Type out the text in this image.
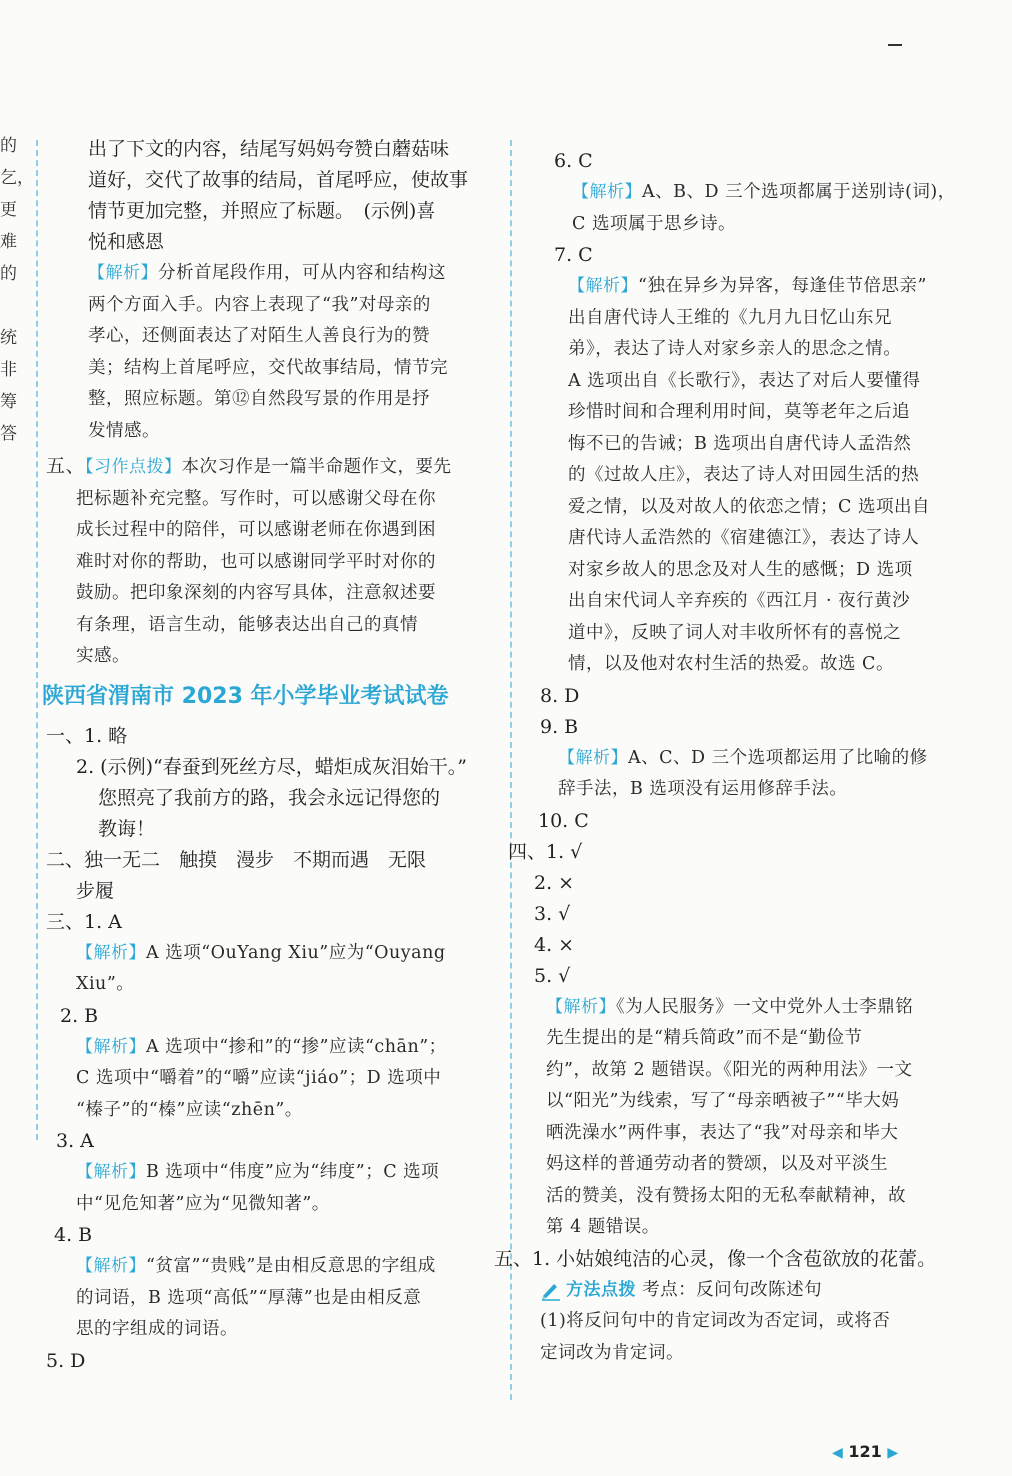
的
乞，
更
难
的

统
非
筹
答

出了下文的内容，结尾写妈妈夸赞白蘑菇味

道好，交代了故事的结局，首尾呼应，使故事

情节更加完整，并照应了标题。　(示例)喜

悦和感恩

【解析】分析首尾段作用，可从内容和结构这
两个方面入手。内容上表现了“我”对母亲的
孝心，还侧面表达了对陌生人善良行为的赞
美；结构上首尾呼应，交代故事结局，情节完
整，照应标题。第⑫自然段写景的作用是抒
发情感。
五、【习作点拨】本次习作是一篇半命题作文，要先
把标题补充完整。写作时，可以感谢父母在你
成长过程中的陪伴，可以感谢老师在你遇到困
难时对你的帮助，也可以感谢同学平时对你的
鼓励。把印象深刻的内容写具体，注意叙述要
有条理，语言生动，能够表达出自己的真情
实感。
陕西省渭南市 2023 年小学毕业考试试卷

一、1. 略

2. (示例)“春蚕到死丝方尽，蜡炬成灰泪始干。”

您照亮了我前方的路，我会永远记得您的

教诲！

二、独一无二　触摸　漫步　不期而遇　无限

步履

三、1. A

【解析】A 选项“OuYang Xiu”应为“Ouyang
Xiu”。

2. B

【解析】A 选项中“掺和”的“掺”应读“chān”；
C 选项中“嚼着”的“嚼”应读“jiáo”；D 选项中
“榛子”的“榛”应读“zhēn”。

3. A

【解析】B 选项中“伟度”应为“纬度”；C 选项
中“见危知著”应为“见微知著”。

4. B

【解析】“贫富”“贵贱”是由相反意思的字组成
的词语，B 选项“高低”“厚薄”也是由相反意
思的字组成的词语。

5. D

6. C

【解析】A、B、D 三个选项都属于送别诗(词)，
C 选项属于思乡诗。

7. C

【解析】“独在异乡为异客，每逢佳节倍思亲”
出自唐代诗人王维的《九月九日忆山东兄
弟》，表达了诗人对家乡亲人的思念之情。
A 选项出自《长歌行》，表达了对后人要懂得
珍惜时间和合理利用时间，莫等老年之后追
悔不已的告诫；B 选项出自唐代诗人孟浩然
的《过故人庄》，表达了诗人对田园生活的热
爱之情，以及对故人的依恋之情；C 选项出自
唐代诗人孟浩然的《宿建德江》，表达了诗人
对家乡故人的思念及对人生的感慨；D 选项
出自宋代词人辛弃疾的《西江月 · 夜行黄沙
道中》，反映了词人对丰收所怀有的喜悦之
情，以及他对农村生活的热爱。故选 C。

8. D

9. B

【解析】A、C、D 三个选项都运用了比喻的修
辞手法，B 选项没有运用修辞手法。

10. C

四、1. √

2. ×

3. √

4. ×

5. √

【解析】《为人民服务》一文中党外人士李鼎铭
先生提出的是“精兵简政”而不是“勤俭节
约”，故第 2 题错误。《阳光的两种用法》一文
以“阳光”为线索，写了“母亲晒被子”“毕大妈
晒洗澡水”两件事，表达了“我”对母亲和毕大
妈这样的普通劳动者的赞颂，以及对平淡生
活的赞美，没有赞扬太阳的无私奉献精神，故
第 4 题错误。

五、1. 小姑娘纯洁的心灵，像一个含苞欲放的花蕾。

方法点拨 考点：反问句改陈述句
(1)将反问句中的肯定词改为否定词，或将否
定词改为肯定词。
◀ 121 ▶
